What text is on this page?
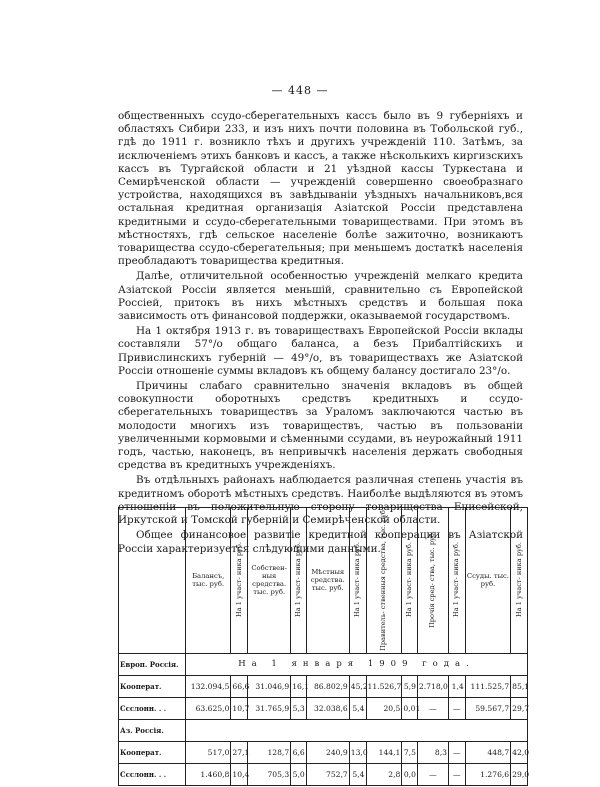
— 448 —

общественныхъ ссудо-сберегательныхъ кассъ было въ 9 губерніяхъ и областяхъ Сибири 233, и изъ нихъ почти половина въ Тобольской губ., гдѣ до 1911 г. возникло тѣхъ и другихъ учрежденій 110. Затѣмъ, за исключеніемъ этихъ банковъ и кассъ, а также нѣсколькихъ киргизскихъ кассъ въ Тургайской области и 21 уѣздной кассы Туркестана и Семирѣченской области — учрежденій совершенно своеобразнаго устройства, находящихся въ завѣдываніи уѣздныхъ начальниковъ,вся остальная кредитная организація Азіатской Россіи представлена кредитными и ссудо-сберегательными товариществами. При этомъ въ мѣстностяхъ, гдѣ сельское населеніе болѣе зажиточно, возникаютъ товарищества ссудо-сберегательныя; при меньшемъ достаткѣ населенія преобладаютъ товарищества кредитныя.

Далѣе, отличительной особенностью учрежденій мелкаго кредита Азіатской Россіи является меньшій, сравнительно съ Европейской Россіей, притокъ въ нихъ мѣстныхъ средствъ и большая пока зависимость отъ финансовой поддержки, оказываемой государствомъ.

На 1 октября 1913 г. въ товариществахъ Европейской Россіи вклады составляли 57°/о общаго баланса, а безъ Прибалтійскихъ и Привислинскихъ губерній — 49°/о, въ товариществахъ же Азіатской Россіи отношеніе суммы вкладовъ къ общему балансу достигало 23°/о.

Причины слабаго сравнительно значенія вкладовъ въ общей совокупности оборотныхъ средствъ кредитныхъ и ссудо-сберегательныхъ товариществъ за Ураломъ заключаются частью въ молодости многихъ изъ товариществъ, частью въ пользованіи увеличенными кормовыми и сѣменными ссудами, въ неурожайный 1911 годъ, частью, наконецъ, въ непривычкѣ населенія держать свободныя средства въ кредитныхъ учрежденіяхъ.

Въ отдѣльныхъ районахъ наблюдается различная степень участія въ кредитномъ оборотѣ мѣстныхъ средствъ. Наиболѣе выдѣляются въ этомъ отношеніи въ положительную сторону товарищества Енисейской, Иркутской и Томской губерній и Семирѣченской области.

Общее финансовое развитіе кредитной кооперации въ Азіатской Россіи характеризуется слѣдующими данными.

	Балансъ, тыс. руб.	На 1 участ- ника руб.	Собствен- ныя средства. тыс. руб.	На 1 участ- ника руб.	Мѣстныя средства. тыс. руб.	На 1 участ- ника руб.	Правитель- ственныя средства, тыс. руб.	На 1 участ- ника руб.	Прочія сред- ства, тыс. руб.	На 1 участ- ника руб.	Ссуды. тыс. руб.	На 1 участ- ника руб.
Европ. Россія.	На 1 января 1909 года.											
Кооперат.	132.094,5	66,6	31.046,9	16,1	86.802,9	45,2	11.526,7	5,9	2.718,0	1,4	111.525,7	85,1
Ссслонн. . .	63.625,0	10,7	31.765,9	5,3	32.038,6	5,4	20,5	0,01	—	—	59.567,7	29,7
Аз. Россія.												
Кооперат.	517,0	27,1	128,7	6,6	240,9	13,0	144,1	7,5	8,3	—	448,7	42,0
Ссслонн. . .	1.460,8	10,4	705,3	5,0	752,7	5,4	2,8	0,0	—	—	1.276,6	29,0
